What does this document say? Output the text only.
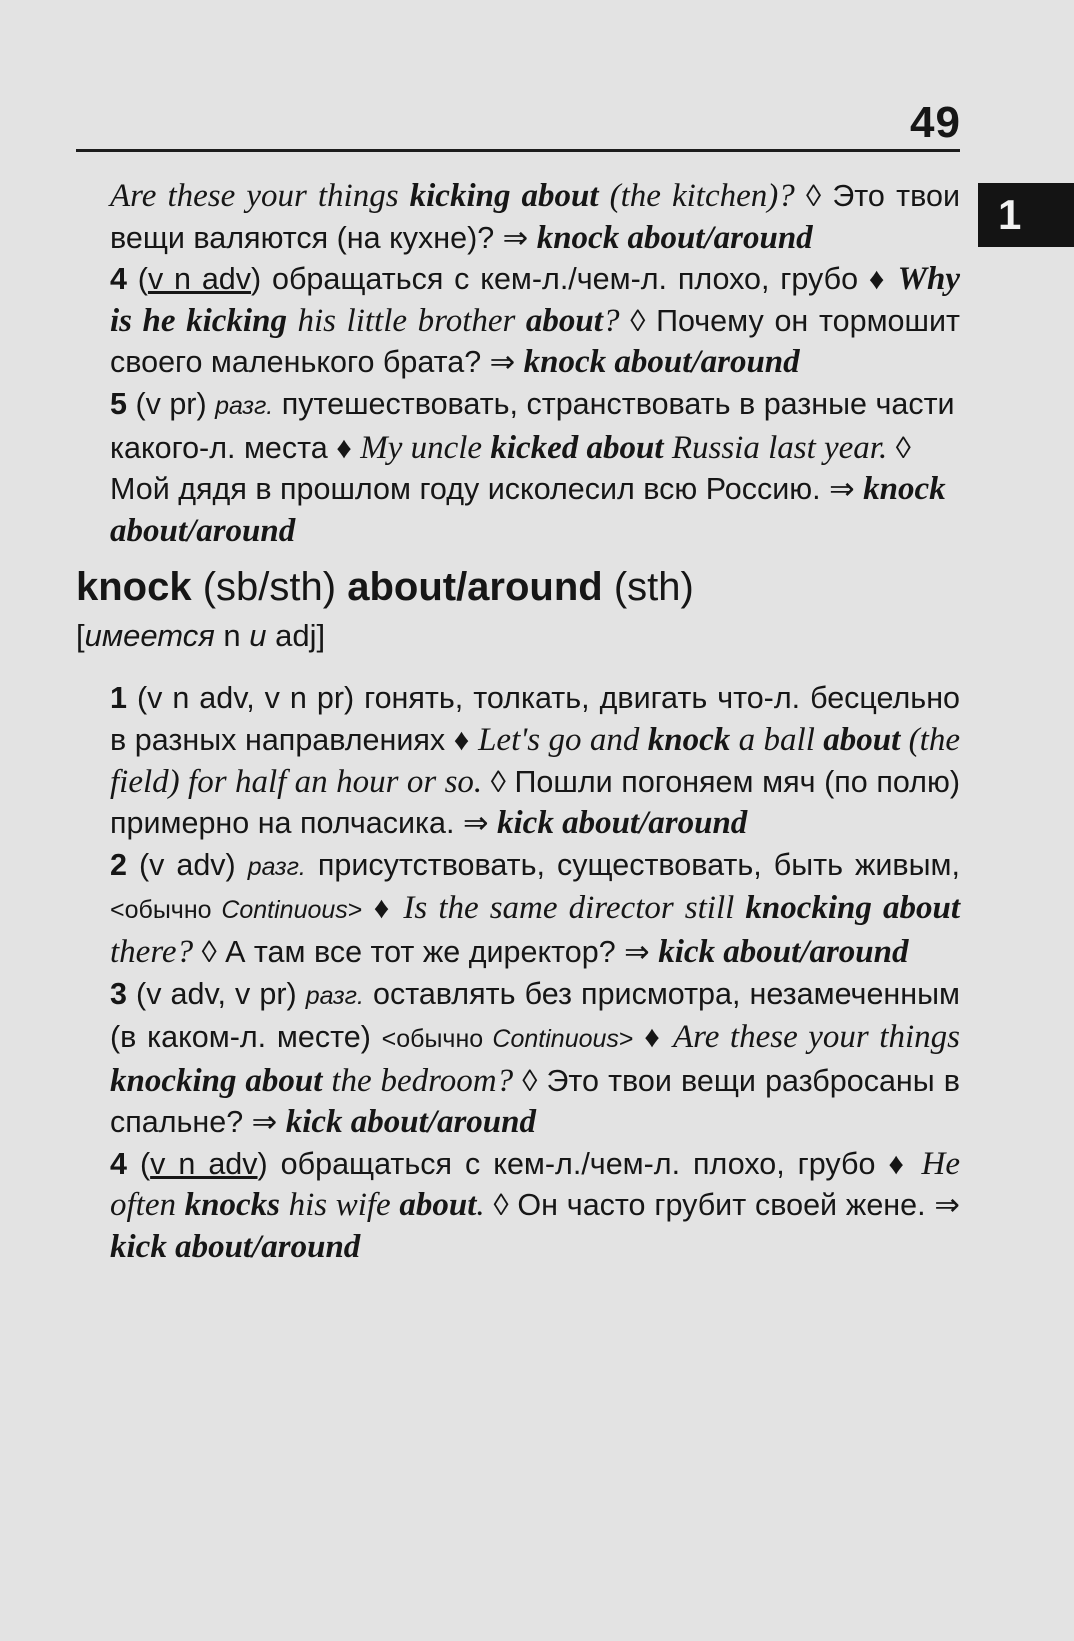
49
1
Are these your things kicking about (the kitchen)? ◊ Это твои вещи валяются (на кухне)? ⇒ knock about/around
4 (v n adv) обращаться с кем-л./чем-л. плохо, грубо ♦ Why is he kicking his little brother about? ◊ Почему он тормошит своего маленького брата? ⇒ knock about/around
5 (v pr) разг. путешествовать, странствовать в разные части какого-л. места ♦ My uncle kicked about Russia last year. ◊ Мой дядя в прошлом году исколесил всю Россию. ⇒ knock about/around
knock (sb/sth) about/around (sth)
[имеется n и adj]
1 (v n adv, v n pr) гонять, толкать, двигать что-л. бесцельно в разных направлениях ♦ Let's go and knock a ball about (the field) for half an hour or so. ◊ Пошли погоняем мяч (по полю) примерно на полчасика. ⇒ kick about/around
2 (v adv) разг. присутствовать, существовать, быть живым, <обычно Continuous> ♦ Is the same director still knocking about there? ◊ А там все тот же директор? ⇒ kick about/around
3 (v adv, v pr) разг. оставлять без присмотра, незамеченным (в каком-л. месте) <обычно Continuous> ♦ Are these your things knocking about the bedroom? ◊ Это твои вещи разбросаны в спальне? ⇒ kick about/around
4 (v n adv) обращаться с кем-л./чем-л. плохо, грубо ♦ He often knocks his wife about. ◊ Он часто грубит своей жене. ⇒ kick about/around
